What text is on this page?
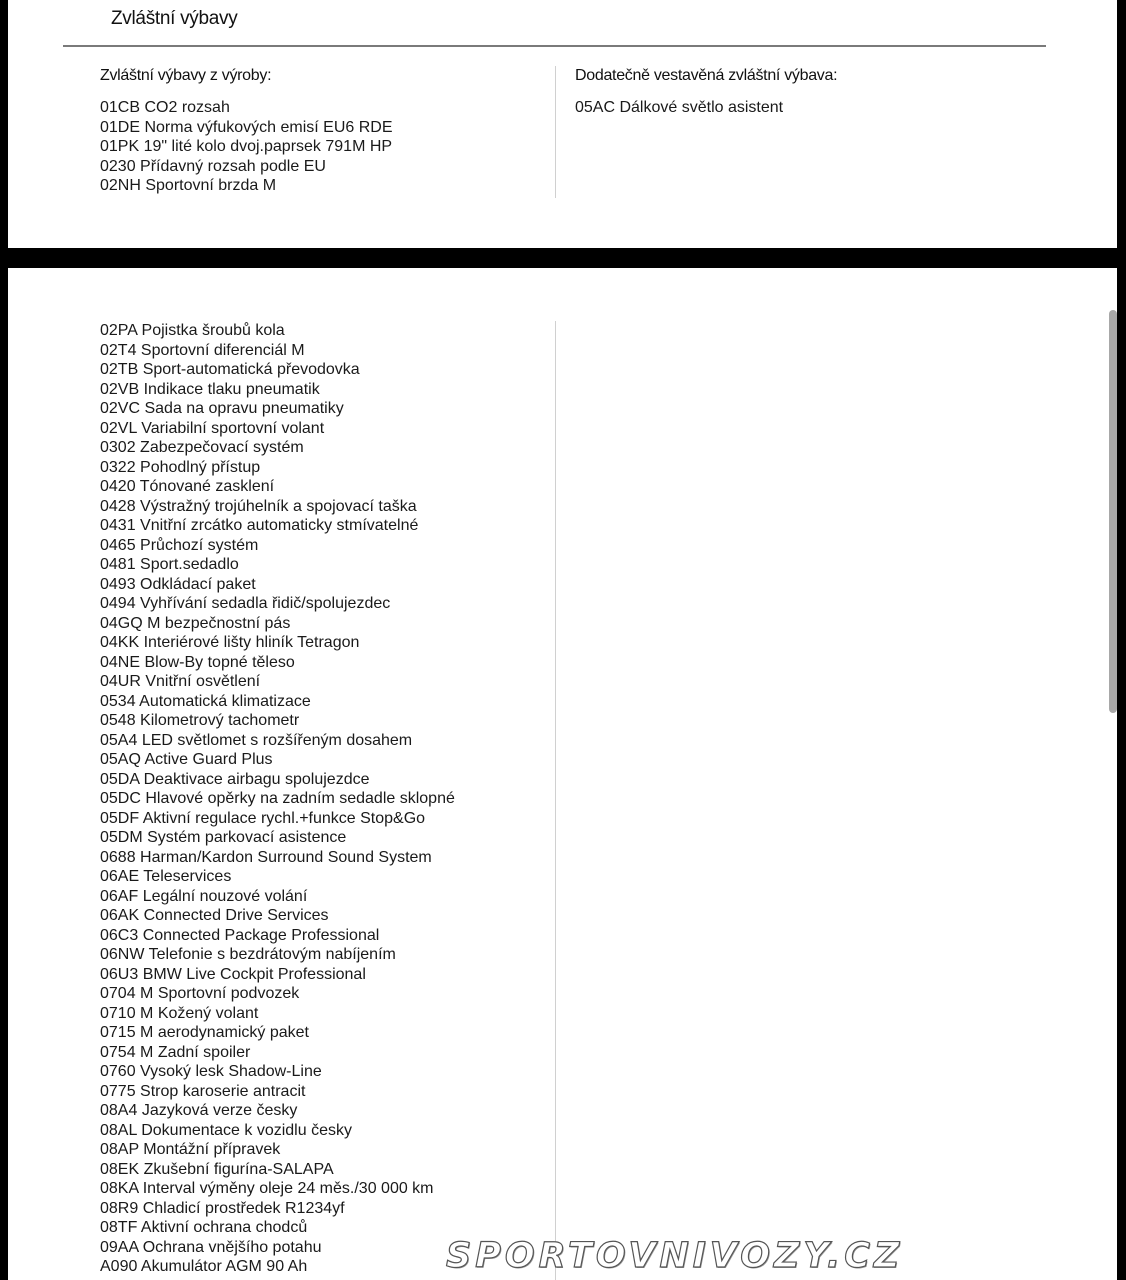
Zvláštní výbavy
Zvláštní výbavy z výroby:
01CB CO2 rozsah
01DE Norma výfukových emisí EU6 RDE
01PK 19" lité kolo dvoj.paprsek 791M HP
0230 Přídavný rozsah podle EU
02NH Sportovní brzda M
Dodatečně vestavěná zvláštní výbava:
05AC Dálkové světlo asistent
02PA Pojistka šroubů kola
02T4 Sportovní diferenciál M
02TB Sport-automatická převodovka
02VB Indikace tlaku pneumatik
02VC Sada na opravu pneumatiky
02VL Variabilní sportovní volant
0302 Zabezpečovací systém
0322 Pohodlný přístup
0420 Tónované zasklení
0428 Výstražný trojúhelník a spojovací taška
0431 Vnitřní zrcátko automaticky stmívatelné
0465 Průchozí systém
0481 Sport.sedadlo
0493 Odkládací paket
0494 Vyhřívání sedadla řidič/spolujezdec
04GQ M bezpečnostní pás
04KK Interiérové lišty hliník Tetragon
04NE Blow-By topné těleso
04UR Vnitřní osvětlení
0534 Automatická klimatizace
0548 Kilometrový tachometr
05A4 LED světlomet s rozšířeným dosahem
05AQ Active Guard Plus
05DA Deaktivace airbagu spolujezdce
05DC Hlavové opěrky na zadním sedadle sklopné
05DF Aktivní regulace rychl.+funkce Stop&Go
05DM Systém parkovací asistence
0688 Harman/Kardon Surround Sound System
06AE Teleservices
06AF Legální nouzové volání
06AK Connected Drive Services
06C3 Connected Package Professional
06NW Telefonie s bezdrátovým nabíjením
06U3 BMW Live Cockpit Professional
0704 M Sportovní podvozek
0710 M Kožený volant
0715 M aerodynamický paket
0754 M Zadní spoiler
0760 Vysoký lesk Shadow-Line
0775 Strop karoserie antracit
08A4 Jazyková verze česky
08AL Dokumentace k vozidlu česky
08AP Montážní přípravek
08EK Zkušební figurína-SALAPA
08KA Interval výměny oleje 24 měs./30 000 km
08R9 Chladicí prostředek R1234yf
08TF Aktivní ochrana chodců
09AA Ochrana vnějšího potahu
A090 Akumulátor AGM 90 Ah	SPORTOVNIVOZY.CZ
